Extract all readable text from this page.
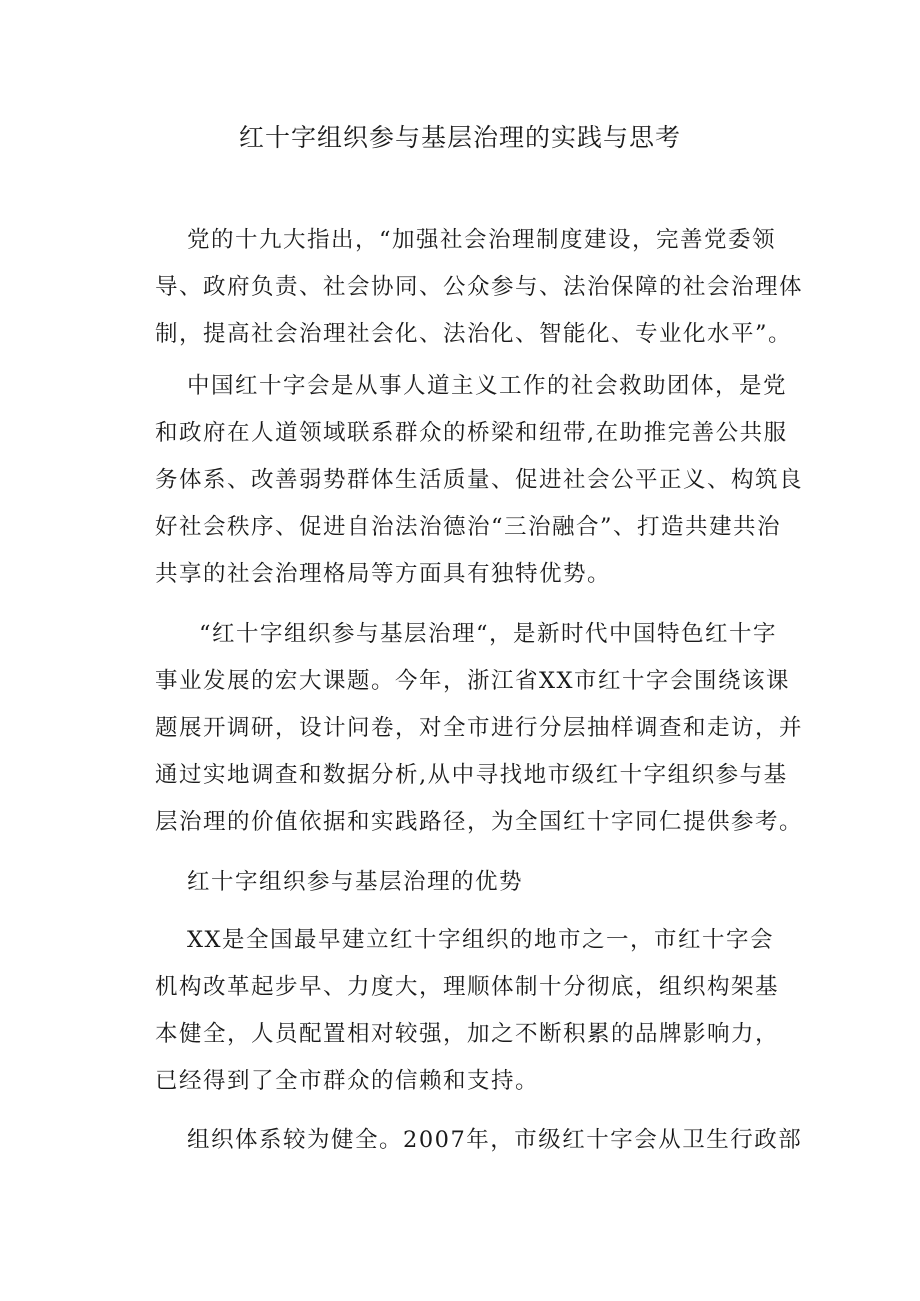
红十字组织参与基层治理的实践与思考
党的十九大指出，“加强社会治理制度建设，完善党委领
导、政府负责、社会协同、公众参与、法治保障的社会治理体
制，提高社会治理社会化、法治化、智能化、专业化水平”。
中国红十字会是从事人道主义工作的社会救助团体，是党
和政府在人道领域联系群众的桥梁和纽带,在助推完善公共服
务体系、改善弱势群体生活质量、促进社会公平正义、构筑良
好社会秩序、促进自治法治德治“三治融合”、打造共建共治
共享的社会治理格局等方面具有独特优势。
“红十字组织参与基层治理“，是新时代中国特色红十字
事业发展的宏大课题。今年，浙江省XX市红十字会围绕该课
题展开调研，设计问卷，对全市进行分层抽样调查和走访，并
通过实地调查和数据分析,从中寻找地市级红十字组织参与基
层治理的价值依据和实践路径，为全国红十字同仁提供参考。
红十字组织参与基层治理的优势
XX是全国最早建立红十字组织的地市之一，市红十字会
机构改革起步早、力度大，理顺体制十分彻底，组织构架基
本健全，人员配置相对较强，加之不断积累的品牌影响力，
已经得到了全市群众的信赖和支持。
组织体系较为健全。2007年，市级红十字会从卫生行政部
